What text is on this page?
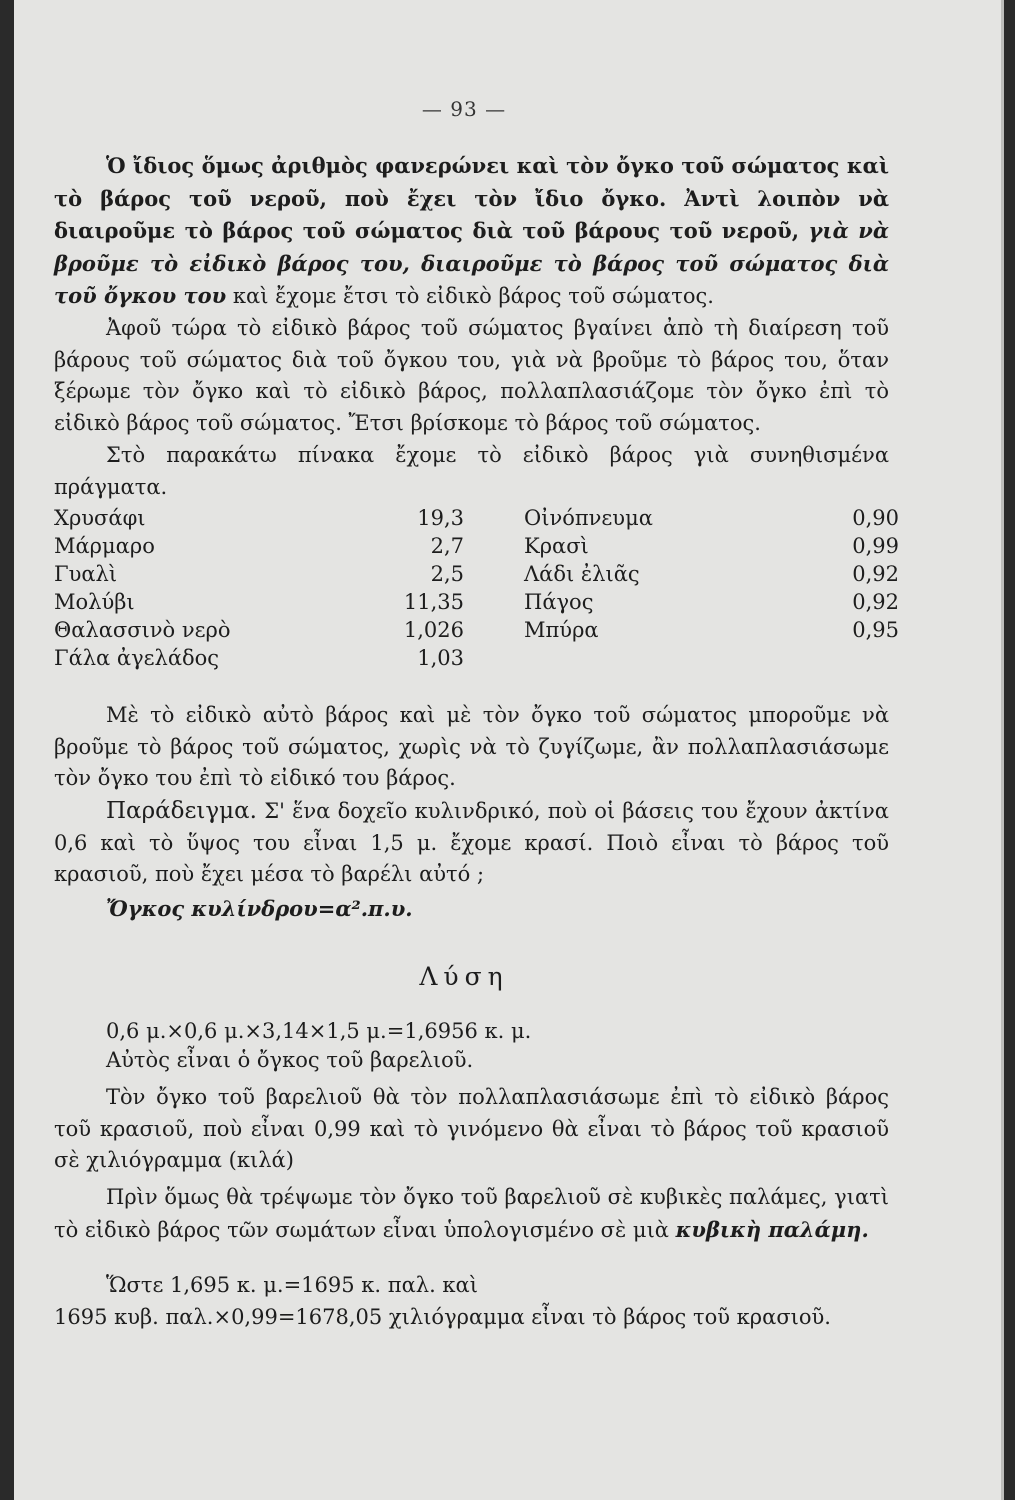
— 93 —
Ὁ ἴδιος ὅμως ἀριθμὸς φανερώνει καὶ τὸν ὄγκο τοῦ σώματος καὶ τὸ βάρος τοῦ νεροῦ, ποὺ ἔχει τὸν ἴδιο ὄγκο. Ἀντὶ λοιπὸν νὰ διαιροῦμε τὸ βάρος τοῦ σώματος διὰ τοῦ βάρους τοῦ νεροῦ, γιὰ νὰ βροῦμε τὸ εἰδικὸ βάρος του, διαιροῦμε τὸ βάρος τοῦ σώματος διὰ τοῦ ὄγκου του καὶ ἔχομε ἔτσι τὸ εἰδικὸ βάρος τοῦ σώματος.
Ἀφοῦ τώρα τὸ εἰδικὸ βάρος τοῦ σώματος βγαίνει ἀπὸ τὴ διαίρεση τοῦ βάρους τοῦ σώματος διὰ τοῦ ὄγκου του, γιὰ νὰ βροῦμε τὸ βάρος του, ὅταν ξέρωμε τὸν ὄγκο καὶ τὸ εἰδικὸ βάρος, πολλαπλασιάζομε τὸν ὄγκο ἐπὶ τὸ εἰδικὸ βάρος τοῦ σώματος. Ἔτσι βρίσκομε τὸ βάρος τοῦ σώματος.
Στὸ παρακάτω πίνακα ἔχομε τὸ εἰδικὸ βάρος γιὰ συνηθισμένα πράγματα.
Χρυσάφι	19,3	Οἰνόπνευμα	0,90
Μάρμαρο	2,7	Κρασὶ	0,99
Γυαλὶ	2,5	Λάδι ἐλιᾶς	0,92
Μολύβι	11,35	Πάγος	0,92
Θαλασσινὸ νερὸ	1,026	Μπύρα	0,95
Γάλα ἀγελάδος	1,03
Μὲ τὸ εἰδικὸ αὐτὸ βάρος καὶ μὲ τὸν ὄγκο τοῦ σώματος μποροῦμε νὰ βροῦμε τὸ βάρος τοῦ σώματος, χωρὶς νὰ τὸ ζυγίζωμε, ἂν πολλαπλασιάσωμε τὸν ὄγκο του ἐπὶ τὸ εἰδικό του βάρος.
Παράδειγμα. Σ' ἕνα δοχεῖο κυλινδρικό, ποὺ οἱ βάσεις του ἔχουν ἀκτίνα 0,6 καὶ τὸ ὕψος του εἶναι 1,5 μ. ἔχομε κρασί. Ποιὸ εἶναι τὸ βάρος τοῦ κρασιοῦ, ποὺ ἔχει μέσα τὸ βαρέλι αὐτό ;
Ὄγκος κυλίνδρου=α².π.υ.
Λύση
0,6 μ.×0,6 μ.×3,14×1,5 μ.=1,6956 κ. μ.
Αὐτὸς εἶναι ὁ ὄγκος τοῦ βαρελιοῦ.
Τὸν ὄγκο τοῦ βαρελιοῦ θὰ τὸν πολλαπλασιάσωμε ἐπὶ τὸ εἰδικὸ βάρος τοῦ κρασιοῦ, ποὺ εἶναι 0,99 καὶ τὸ γινόμενο θὰ εἶναι τὸ βάρος τοῦ κρασιοῦ σὲ χιλιόγραμμα (κιλά)
Πρὶν ὅμως θὰ τρέψωμε τὸν ὄγκο τοῦ βαρελιοῦ σὲ κυβικὲς παλάμες, γιατὶ τὸ εἰδικὸ βάρος τῶν σωμάτων εἶναι ὑπολογισμένο σὲ μιὰ κυβικὴ παλάμη.
Ὥστε 1,695 κ. μ.=1695 κ. παλ. καὶ
1695 κυβ. παλ.×0,99=1678,05 χιλιόγραμμα εἶναι τὸ βάρος τοῦ κρασιοῦ.
